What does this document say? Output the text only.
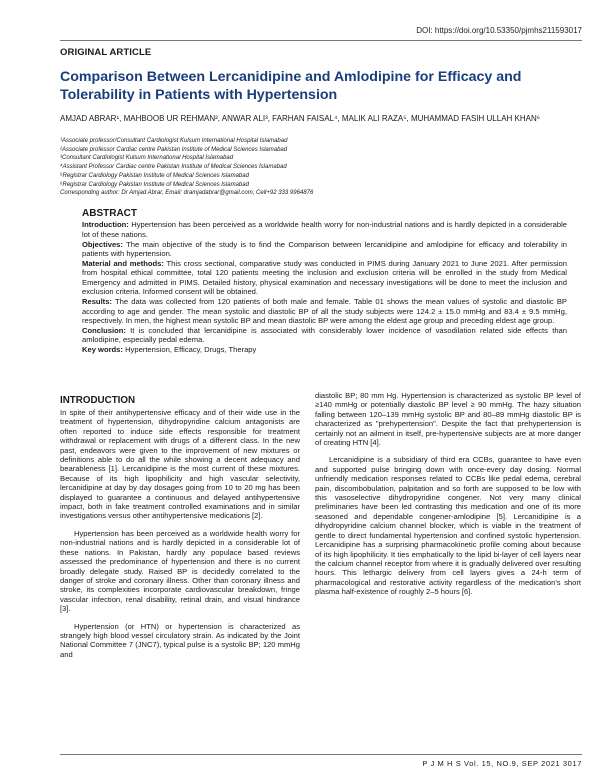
DOI: https://doi.org/10.53350/pjmhs211593017
ORIGINAL ARTICLE
Comparison Between Lercanidipine and Amlodipine for Efficacy and Tolerability in Patients with Hypertension
AMJAD ABRAR¹, MAHBOOB UR REHMAN², ANWAR ALI³, FARHAN FAISAL⁴, MALIK ALI RAZA⁵, MUHAMMAD FASIH ULLAH KHAN⁶
¹Associate professor/Consultant Cardiologist Kulsum International Hospital Islamabad
²Associate professor Cardiac centre Pakistan Institute of Medical Sciences Islamabad
³Consultant Cardiologist Kulsum International Hospital Islamabad
⁴Assistant Professor Cardiac centre Pakistan Institute of Medical Sciences Islamabad
⁵Registrar Cardiology Pakistan Institute of Medical Sciences Islamabad
⁶Registrar Cardiology Pakistan Institute of Medical Sciences Islamabad
Corresponding author: Dr Amjad Abrar, Email: dramjadabrar@gmail.com, Cell+92 333 9964876
ABSTRACT

Introduction: Hypertension has been perceived as a worldwide health worry for non-industrial nations and is hardly depicted in a considerable lot of these nations.

Objectives: The main objective of the study is to find the Comparison between lercanidipine and amlodipine for efficacy and tolerability in patients with hypertension.

Material and methods: This cross sectional, comparative study was conducted in PIMS during January 2021 to June 2021. After permission from hospital ethical committee, total 120 patients meeting the inclusion and exclusion criteria will be enrolled in the study from Medical Emergency and admitted in PIMS. Detailed history, physical examination and necessary investigations will be done to meet the inclusion and exclusion criteria. Informed consent will be obtained.

Results: The data was collected from 120 patients of both male and female. Table 01 shows the mean values of systolic and diastolic BP according to age and gender. The mean systolic and diastolic BP of all the study subjects were 124.2 ± 15.0 mmHg and 83.4 ± 9.5 mmHg, respectively. In men, the highest mean systolic BP and mean diastolic BP were among the eldest age group and preceding eldest age group.

Conclusion: It is concluded that lercanidipine is associated with considerably lower incidence of vasodilation related side effects than amlodipine, especially pedal edema.

Key words: Hypertension, Efficacy, Drugs, Therapy

INTRODUCTION

In spite of their antihypertensive efficacy and of their wide use in the treatment of hypertension, dihydropyridine calcium antagonists are often reported to induce side effects responsible for treatment withdrawal or replacement with drugs of a different class. In the new past, endeavors were given to the improvement of new mixtures or definitions able to do all the while showing a decent adequacy and bearableness [1]. Lercanidipine is the most current of these mixtures. Because of its high lipophilicity and high vascular selectivity, lercanidipine at day by day dosages going from 10 to 20 mg has been displayed to guarantee a continuous and delayed antihypertensive impact, both in fake treatment controlled examinations and in similar investigations versus other antihypertensive medications [2].

Hypertension has been perceived as a worldwide health worry for non-industrial nations and is hardly depicted in a considerable lot of these nations. In Pakistan, hardly any populace based reviews assessed the predominance of hypertension and there is no current broadly delegate study. Raised BP is decidedly correlated to the danger of stroke and coronary illness. Other than coronary illness and stroke, its complexities incorporate cardiovascular breakdown, fringe vascular infection, renal disability, retinal drain, and visual hindrance [3].

Hypertension (or HTN) or hypertension is characterized as strangely high blood vessel circulatory strain. As indicated by the Joint National Committee 7 (JNC7), typical pulse is a systolic BP; 120 mmHg and

diastolic BP; 80 mm Hg. Hypertension is characterized as systolic BP level of ≥140 mmHg or potentially diastolic BP level ≥ 90 mmHg. The hazy situation falling between 120–139 mmHg systolic BP and 80–89 mmHg diastolic BP is characterized as "prehypertension". Despite the fact that prehypertension is certainly not an ailment in itself, pre-hypertensive subjects are at more danger of creating HTN [4].

Lercanidipine is a subsidiary of third era CCBs, guarantee to have even and supported pulse bringing down with once-every day dosing. Normal unfriendly medication responses related to CCBs like pedal edema, cerebral pain, discombobulation, palpitation and so forth are supposed to be low with this vasoselective dihydropyridine congener. Not very many clinical preliminaries have been led contrasting this medication and one of its more seasoned and dependable congener-amlodipine [5]. Lercanidipine is a dihydropyridine calcium channel blocker, which is viable in the treatment of gentle to direct fundamental hypertension and confined systolic hypertension. Lercanidipine has a surprising pharmacokinetic profile coming about because of its high lipophilicity. It ties emphatically to the lipid bi-layer of cell layers near the calcium channel receptor from where it is gradually delivered over resulting hours. This lethargic delivery from cell layers gives a 24-h term of pharmacological and restorative activity regardless of the medication's short plasma half-existence of roughly 2–5 hours [6].

P J M H S Vol. 15, NO.9, SEP 2021 3017
